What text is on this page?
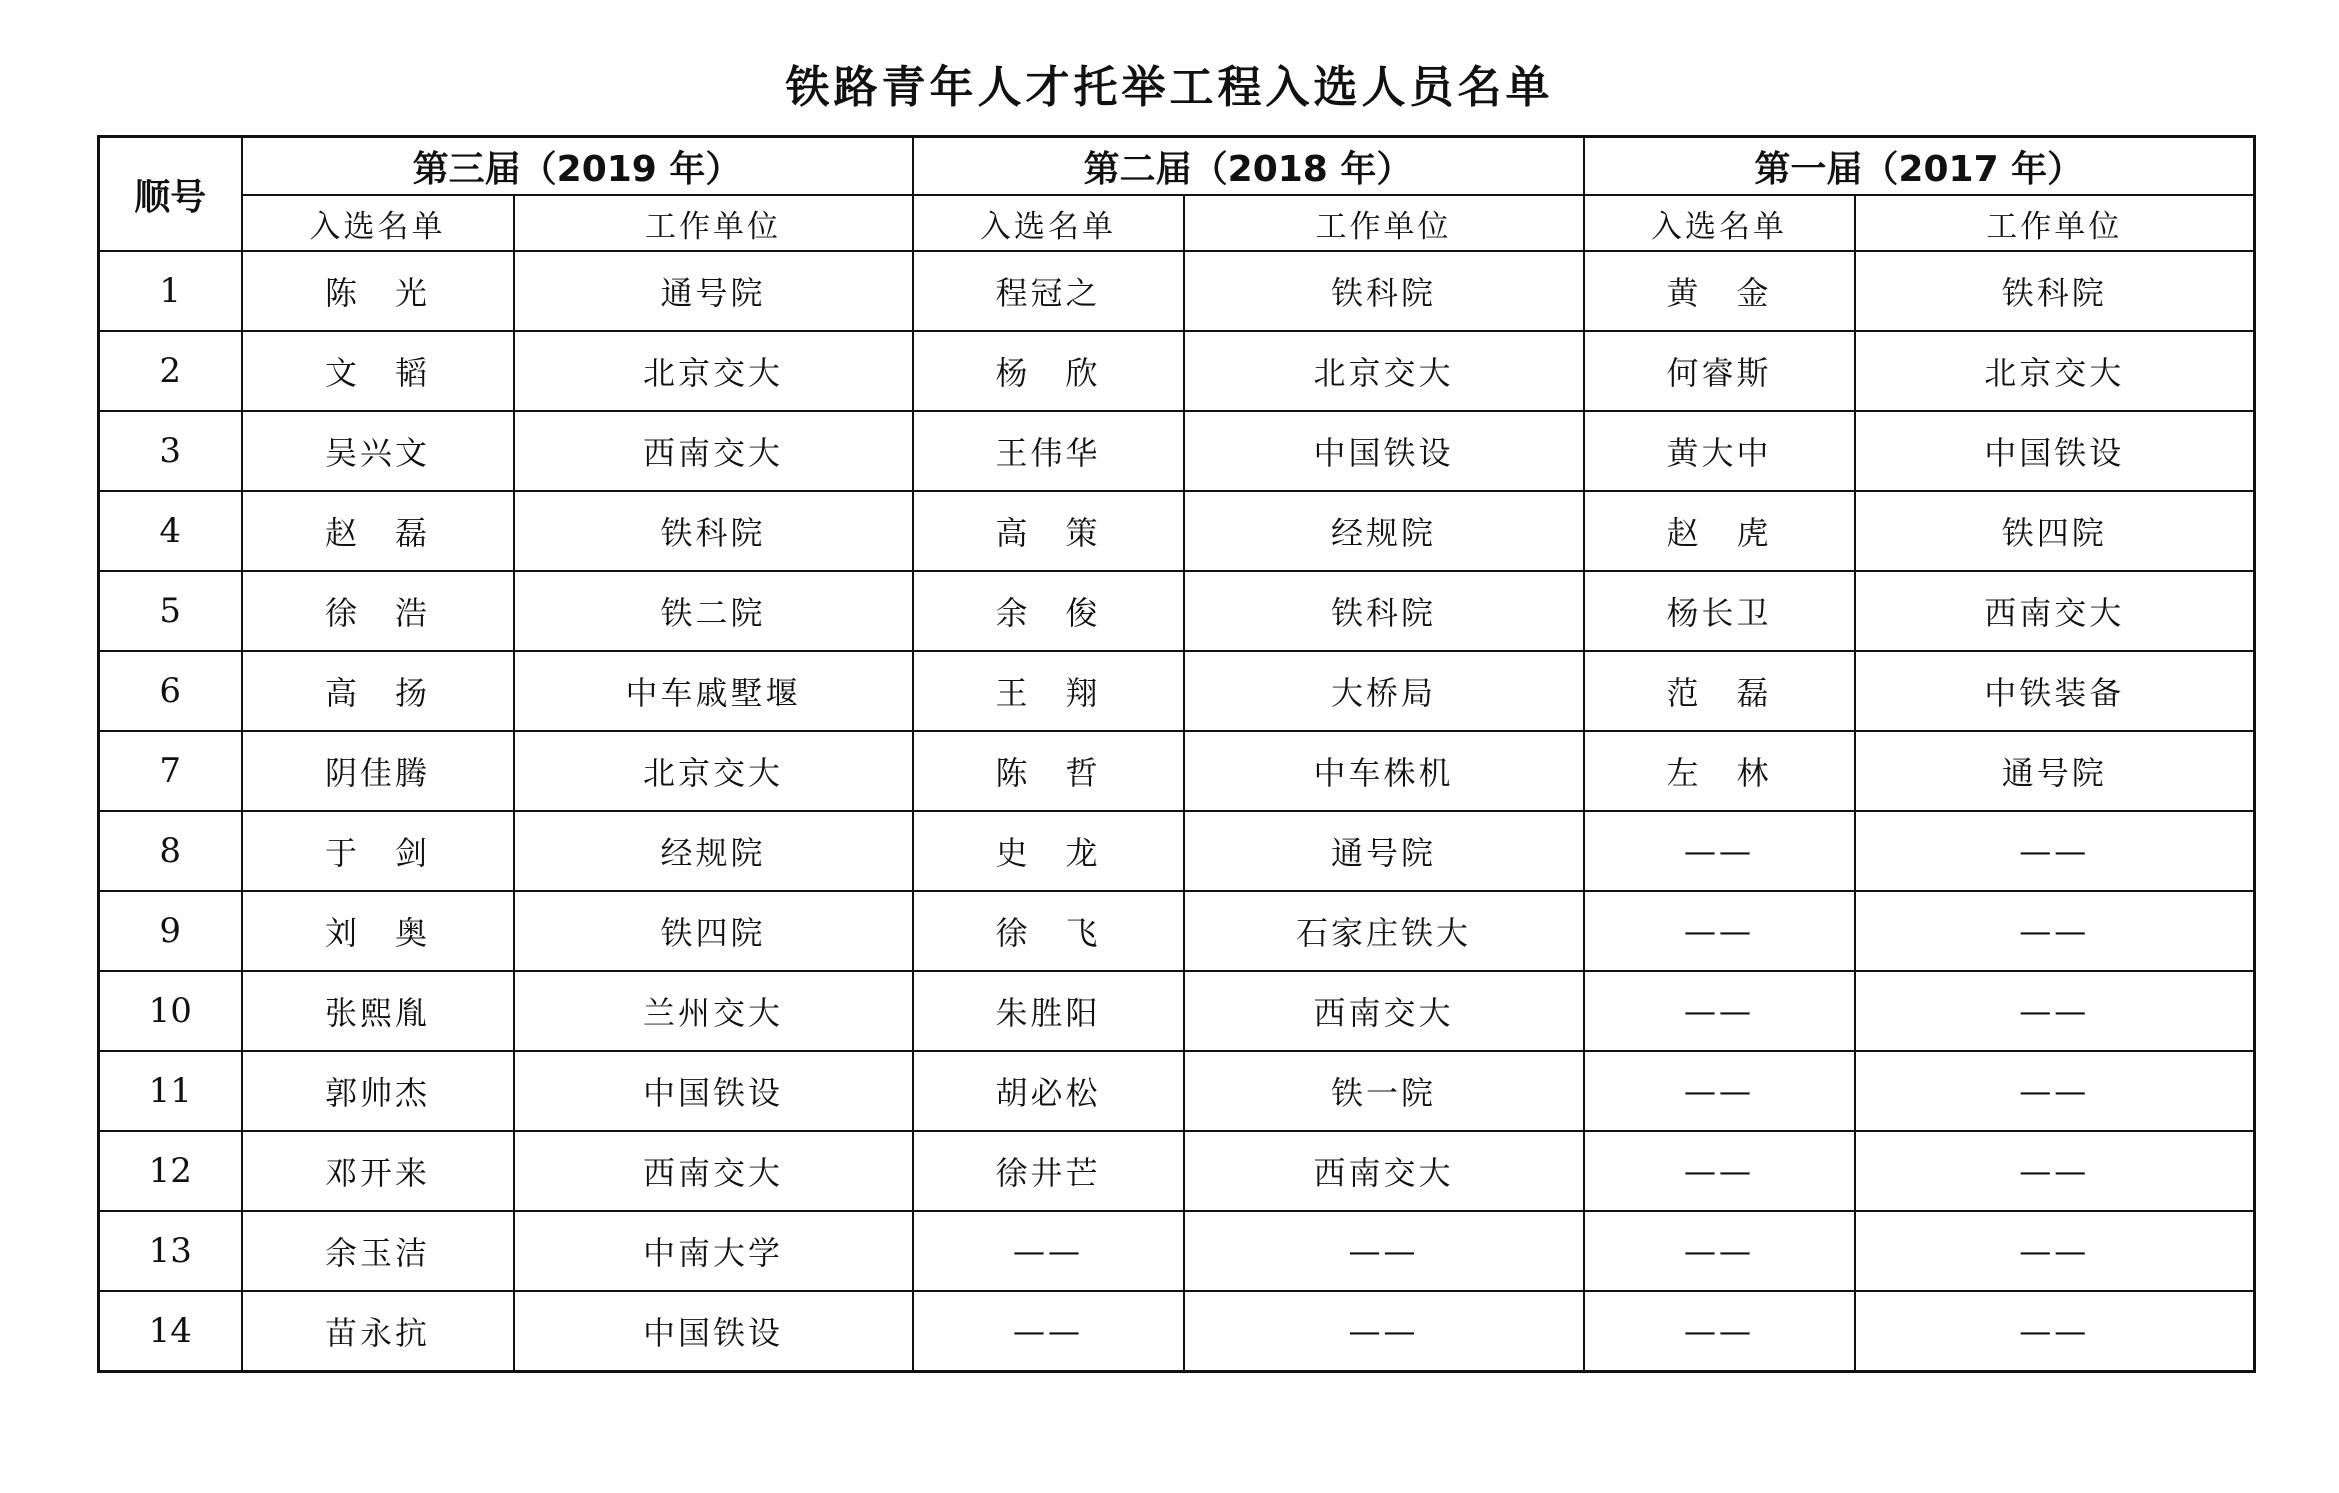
铁路青年人才托举工程入选人员名单
顺号	第三届（2019 年）		第二届（2018 年）		第一届（2017 年）	
	入选名单	工作单位	入选名单	工作单位	入选名单	工作单位
1	陈　光	通号院	程冠之	铁科院	黄　金	铁科院
2	文　韬	北京交大	杨　欣	北京交大	何睿斯	北京交大
3	吴兴文	西南交大	王伟华	中国铁设	黄大中	中国铁设
4	赵　磊	铁科院	高　策	经规院	赵　虎	铁四院
5	徐　浩	铁二院	余　俊	铁科院	杨长卫	西南交大
6	高　扬	中车戚墅堰	王　翔	大桥局	范　磊	中铁装备
7	阴佳腾	北京交大	陈　哲	中车株机	左　林	通号院
8	于　剑	经规院	史　龙	通号院	——	——
9	刘　奥	铁四院	徐　飞	石家庄铁大	——	——
10	张熙胤	兰州交大	朱胜阳	西南交大	——	——
11	郭帅杰	中国铁设	胡必松	铁一院	——	——
12	邓开来	西南交大	徐井芒	西南交大	——	——
13	余玉洁	中南大学	——	——	——	——
14	苗永抗	中国铁设	——	——	——	——
